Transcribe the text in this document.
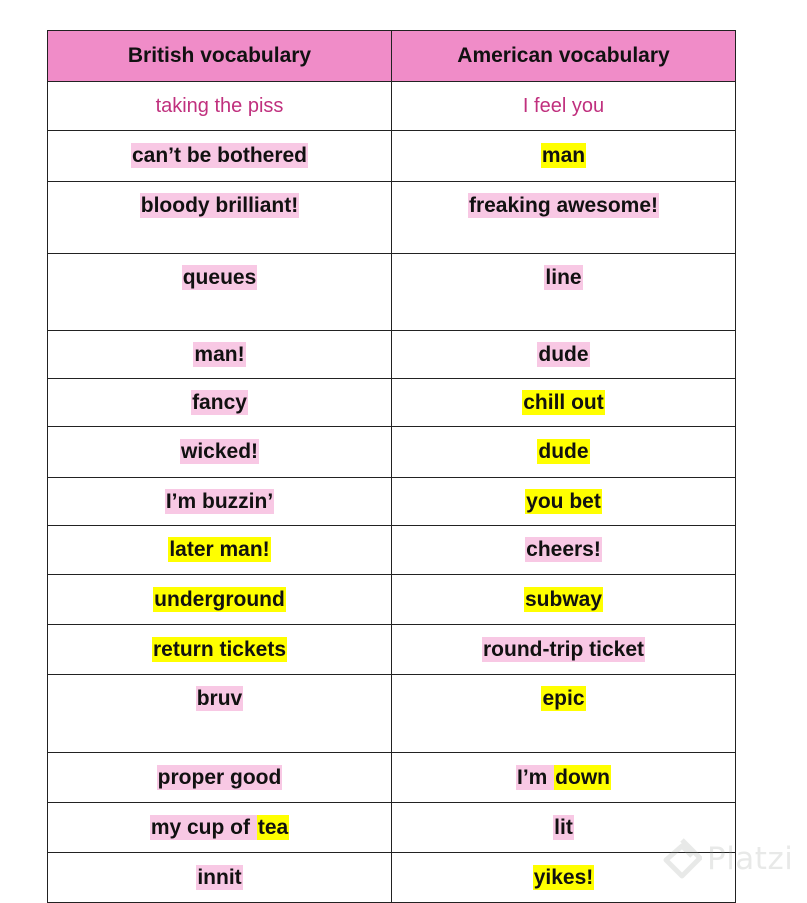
British vocabulary	American vocabulary
taking the piss	I feel you
can’t be bothered	man
bloody brilliant!	freaking awesome!
queues	line
man!	dude
fancy	chill out
wicked!	dude
I’m buzzin’	you bet
later man!	cheers!
underground	subway
return tickets	round-trip ticket
bruv	epic
proper good	I’m down
my cup of tea	lit
innit	yikes!	Platzi
